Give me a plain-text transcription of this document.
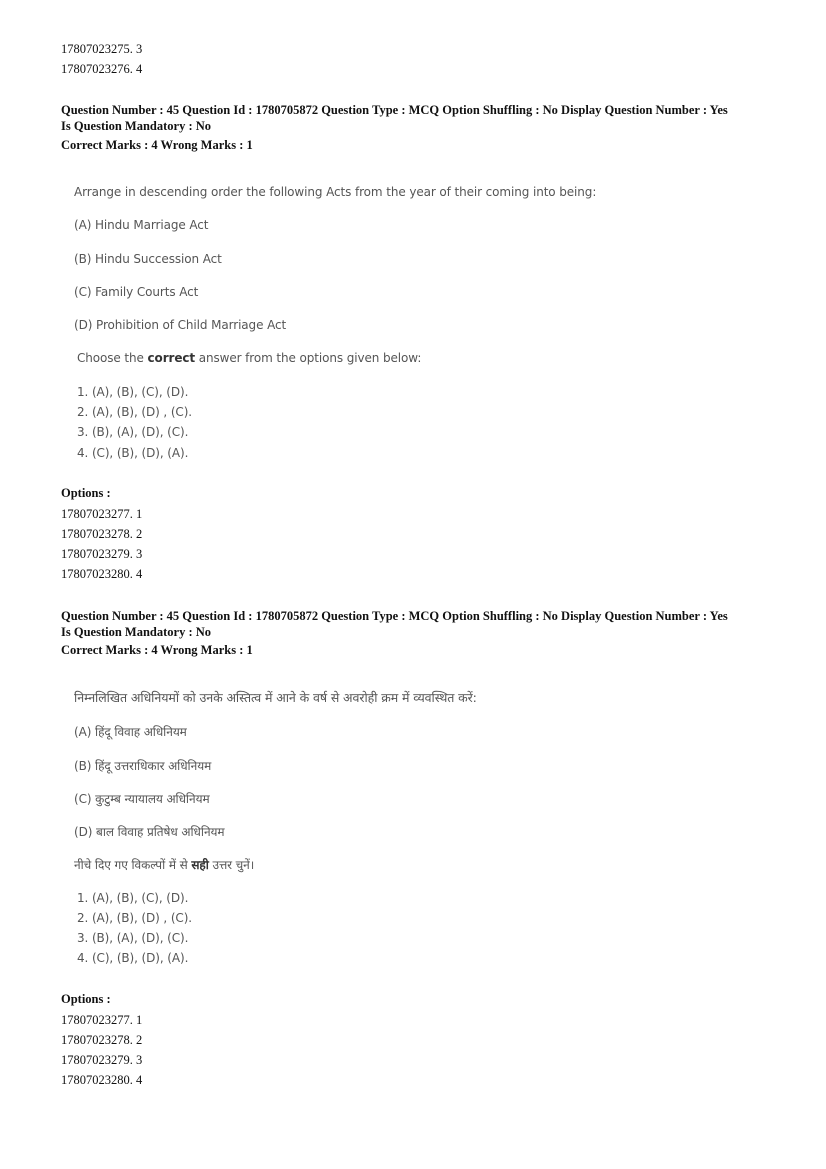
17807023275. 3
17807023276. 4
Question Number : 45 Question Id : 1780705872 Question Type : MCQ Option Shuffling : No Display Question Number : Yes
Is Question Mandatory : No
Correct Marks : 4 Wrong Marks : 1
Arrange in descending order the following Acts from the year of their coming into being:
(A) Hindu Marriage Act
(B) Hindu Succession Act
(C) Family Courts Act
(D) Prohibition of Child Marriage Act
Choose the correct answer from the options given below:
1. (A), (B), (C), (D).
2. (A), (B), (D) , (C).
3. (B), (A), (D), (C).
4. (C), (B), (D), (A).
Options :
17807023277. 1
17807023278. 2
17807023279. 3
17807023280. 4
Question Number : 45 Question Id : 1780705872 Question Type : MCQ Option Shuffling : No Display Question Number : Yes
Is Question Mandatory : No
Correct Marks : 4 Wrong Marks : 1
निम्नलिखित अधिनियमों को उनके अस्तित्व में आने के वर्ष से अवरोही क्रम में व्यवस्थित करें:
(A) हिंदू विवाह अधिनियम
(B) हिंदू उत्तराधिकार अधिनियम
(C) कुटुम्ब न्यायालय अधिनियम
(D) बाल विवाह प्रतिषेध अधिनियम
नीचे दिए गए विकल्पों में से सही उत्तर चुनें।
1. (A), (B), (C), (D).
2. (A), (B), (D) , (C).
3. (B), (A), (D), (C).
4. (C), (B), (D), (A).
Options :
17807023277. 1
17807023278. 2
17807023279. 3
17807023280. 4
